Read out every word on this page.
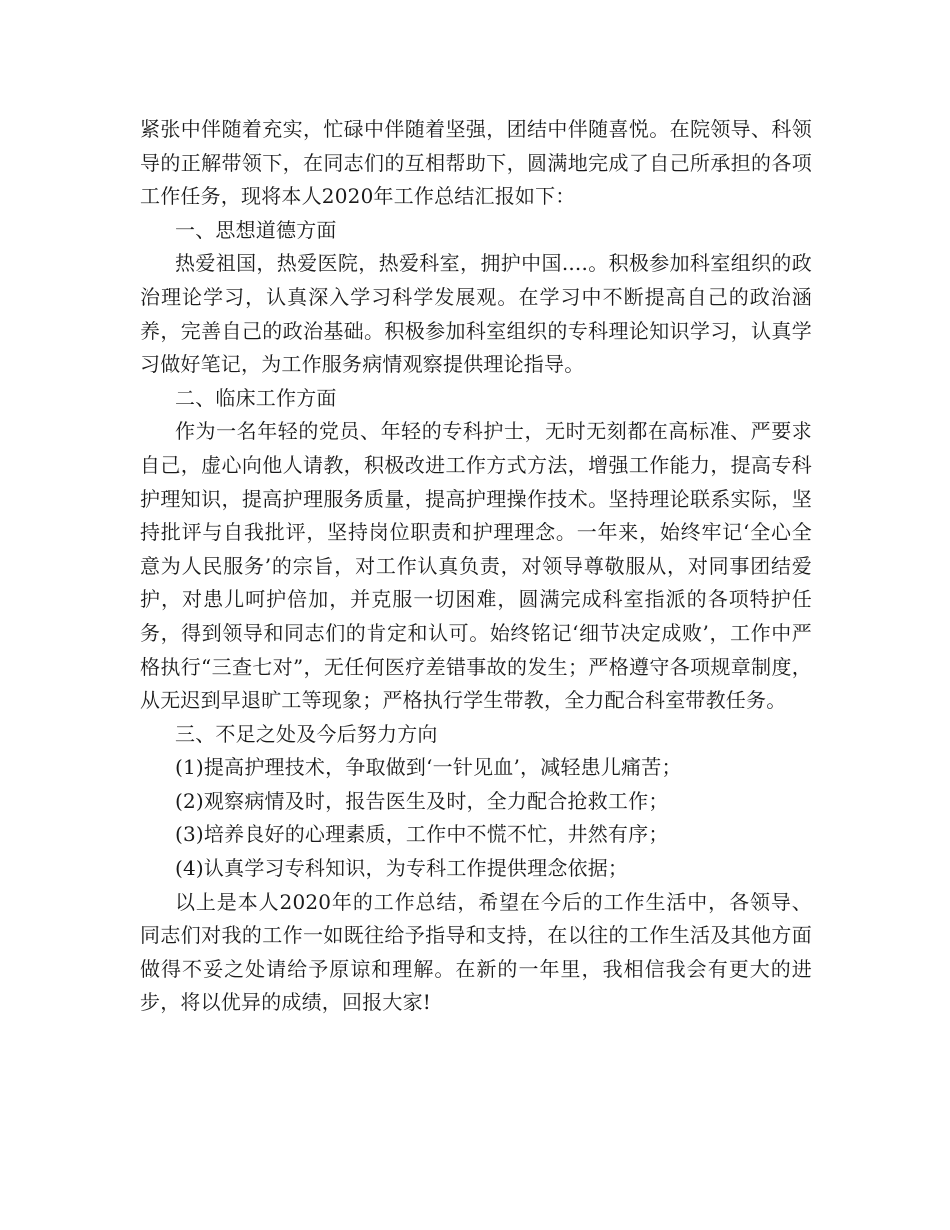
紧张中伴随着充实，忙碌中伴随着坚强，团结中伴随喜悦。在院领导、科领导的正解带领下，在同志们的互相帮助下，圆满地完成了自己所承担的各项工作任务，现将本人2020年工作总结汇报如下：

一、思想道德方面

热爱祖国，热爱医院，热爱科室，拥护中国....。积极参加科室组织的政治理论学习，认真深入学习科学发展观。在学习中不断提高自己的政治涵养，完善自己的政治基础。积极参加科室组织的专科理论知识学习，认真学习做好笔记，为工作服务病情观察提供理论指导。

二、临床工作方面

作为一名年轻的党员、年轻的专科护士，无时无刻都在高标准、严要求自己，虚心向他人请教，积极改进工作方式方法，增强工作能力，提高专科护理知识，提高护理服务质量，提高护理操作技术。坚持理论联系实际，坚持批评与自我批评，坚持岗位职责和护理理念。一年来，始终牢记‘全心全意为人民服务’的宗旨，对工作认真负责，对领导尊敬服从，对同事团结爱护，对患儿呵护倍加，并克服一切困难，圆满完成科室指派的各项特护任务，得到领导和同志们的肯定和认可。始终铭记‘细节决定成败’，工作中严格执行“三查七对”，无任何医疗差错事故的发生；严格遵守各项规章制度，从无迟到早退旷工等现象；严格执行学生带教，全力配合科室带教任务。

三、不足之处及今后努力方向

(1)提高护理技术，争取做到‘一针见血’，减轻患儿痛苦；

(2)观察病情及时，报告医生及时，全力配合抢救工作；

(3)培养良好的心理素质，工作中不慌不忙，井然有序；

(4)认真学习专科知识，为专科工作提供理念依据；

以上是本人2020年的工作总结，希望在今后的工作生活中，各领导、同志们对我的工作一如既往给予指导和支持，在以往的工作生活及其他方面做得不妥之处请给予原谅和理解。在新的一年里，我相信我会有更大的进步，将以优异的成绩，回报大家!
